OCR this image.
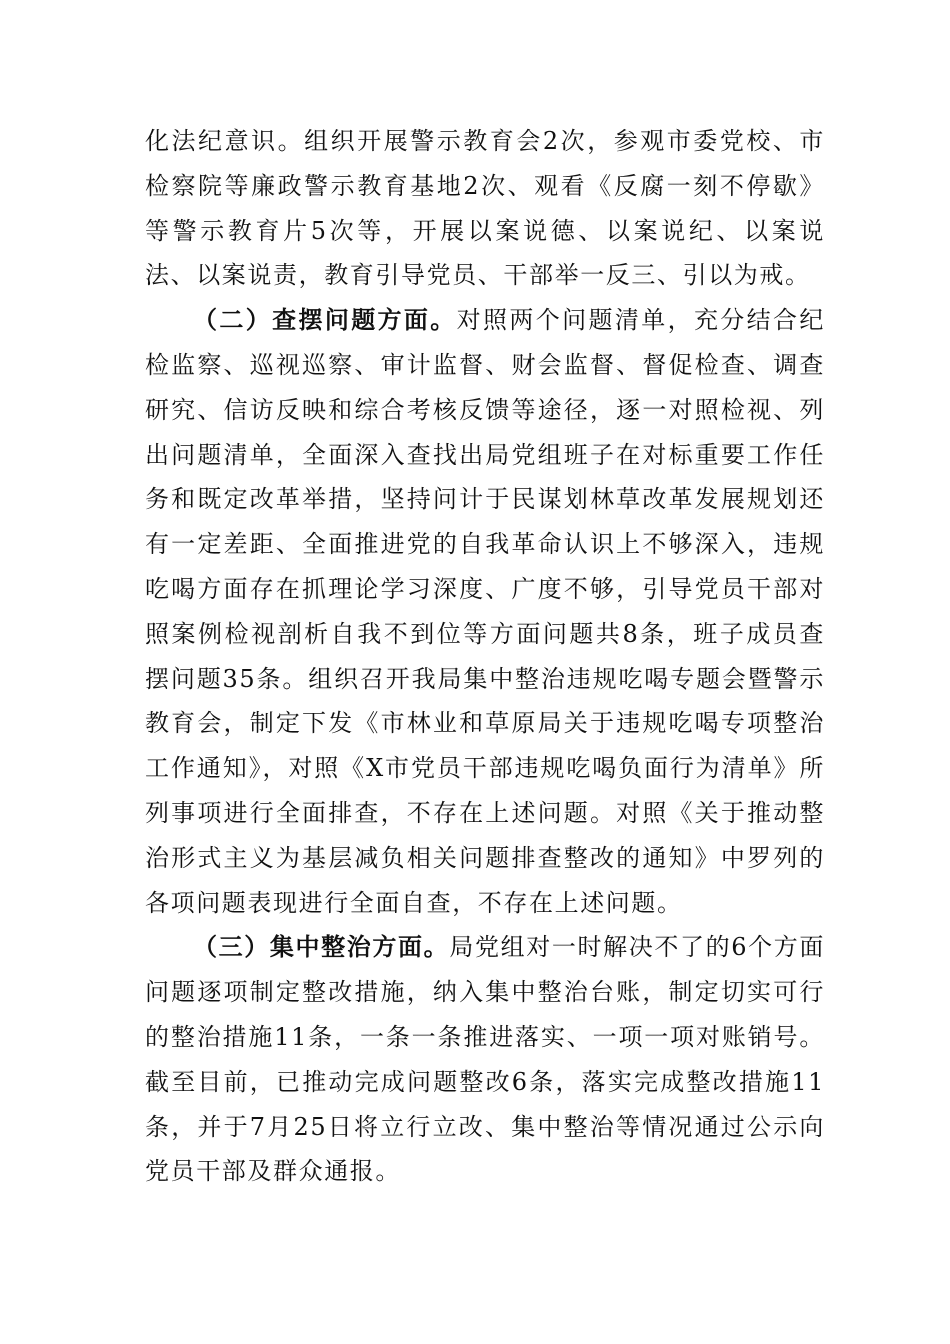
化法纪意识。组织开展警示教育会2次，参观市委党校、市检察院等廉政警示教育基地2次、观看《反腐一刻不停歇》等警示教育片5次等，开展以案说德、以案说纪、以案说法、以案说责，教育引导党员、干部举一反三、引以为戒。

（二）查摆问题方面。对照两个问题清单，充分结合纪检监察、巡视巡察、审计监督、财会监督、督促检查、调查研究、信访反映和综合考核反馈等途径，逐一对照检视、列出问题清单，全面深入查找出局党组班子在对标重要工作任务和既定改革举措，坚持问计于民谋划林草改革发展规划还有一定差距、全面推进党的自我革命认识上不够深入，违规吃喝方面存在抓理论学习深度、广度不够，引导党员干部对照案例检视剖析自我不到位等方面问题共8条，班子成员查摆问题35条。组织召开我局集中整治违规吃喝专题会暨警示教育会，制定下发《市林业和草原局关于违规吃喝专项整治工作通知》，对照《X市党员干部违规吃喝负面行为清单》所列事项进行全面排查，不存在上述问题。对照《关于推动整治形式主义为基层减负相关问题排查整改的通知》中罗列的各项问题表现进行全面自查，不存在上述问题。

（三）集中整治方面。局党组对一时解决不了的6个方面问题逐项制定整改措施，纳入集中整治台账，制定切实可行的整治措施11条，一条一条推进落实、一项一项对账销号。截至目前，已推动完成问题整改6条，落实完成整改措施11条，并于7月25日将立行立改、集中整治等情况通过公示向党员干部及群众通报。
